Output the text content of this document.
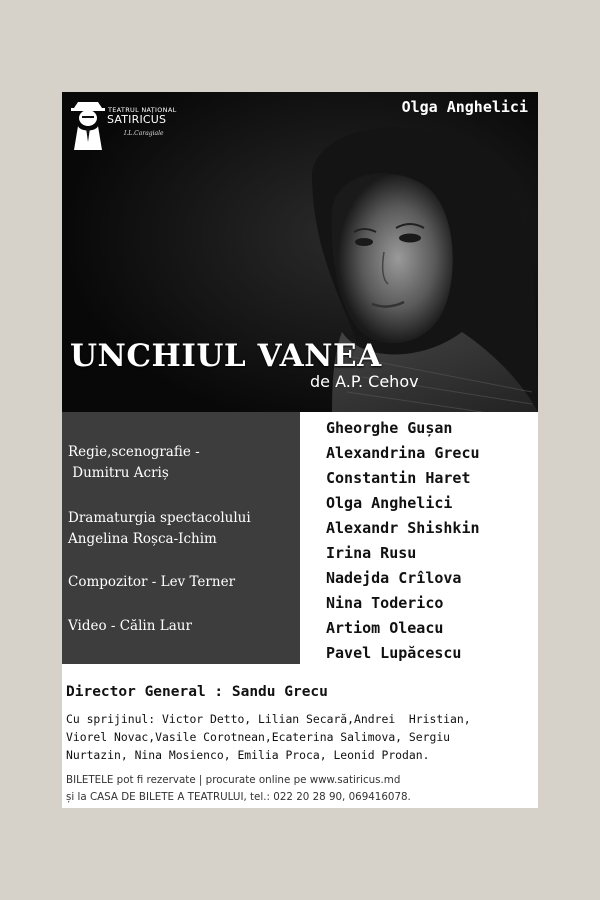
TEATRUL NAȚIONAL
SATIRICUS
I.L.Caragiale
Olga Anghelici
UNCHIUL VANEA
de A.P. Cehov
Regie,scenografie -
Dumitru Acriș
Dramaturgia spectacolului
Angelina Roșca-Ichim
Compozitor - Lev Terner
Video - Călin Laur
Gheorghe Gușan
Alexandrina Grecu
Constantin Haret
Olga Anghelici
Alexandr Shishkin
Irina Rusu
Nadejda Crîlova
Nina Toderico
Artiom Oleacu
Pavel Lupăcescu
Director General : Sandu Grecu
Cu sprijinul: Victor Detto, Lilian Secară,Andrei  Hristian,
Viorel Novac,Vasile Corotnean,Ecaterina Salimova, Sergiu
Nurtazin, Nina Mosienco, Emilia Proca, Leonid Prodan.
BILETELE pot fi rezervate | procurate online pe www.satiricus.md
și la CASA DE BILETE A TEATRULUI, tel.: 022 20 28 90, 069416078.
